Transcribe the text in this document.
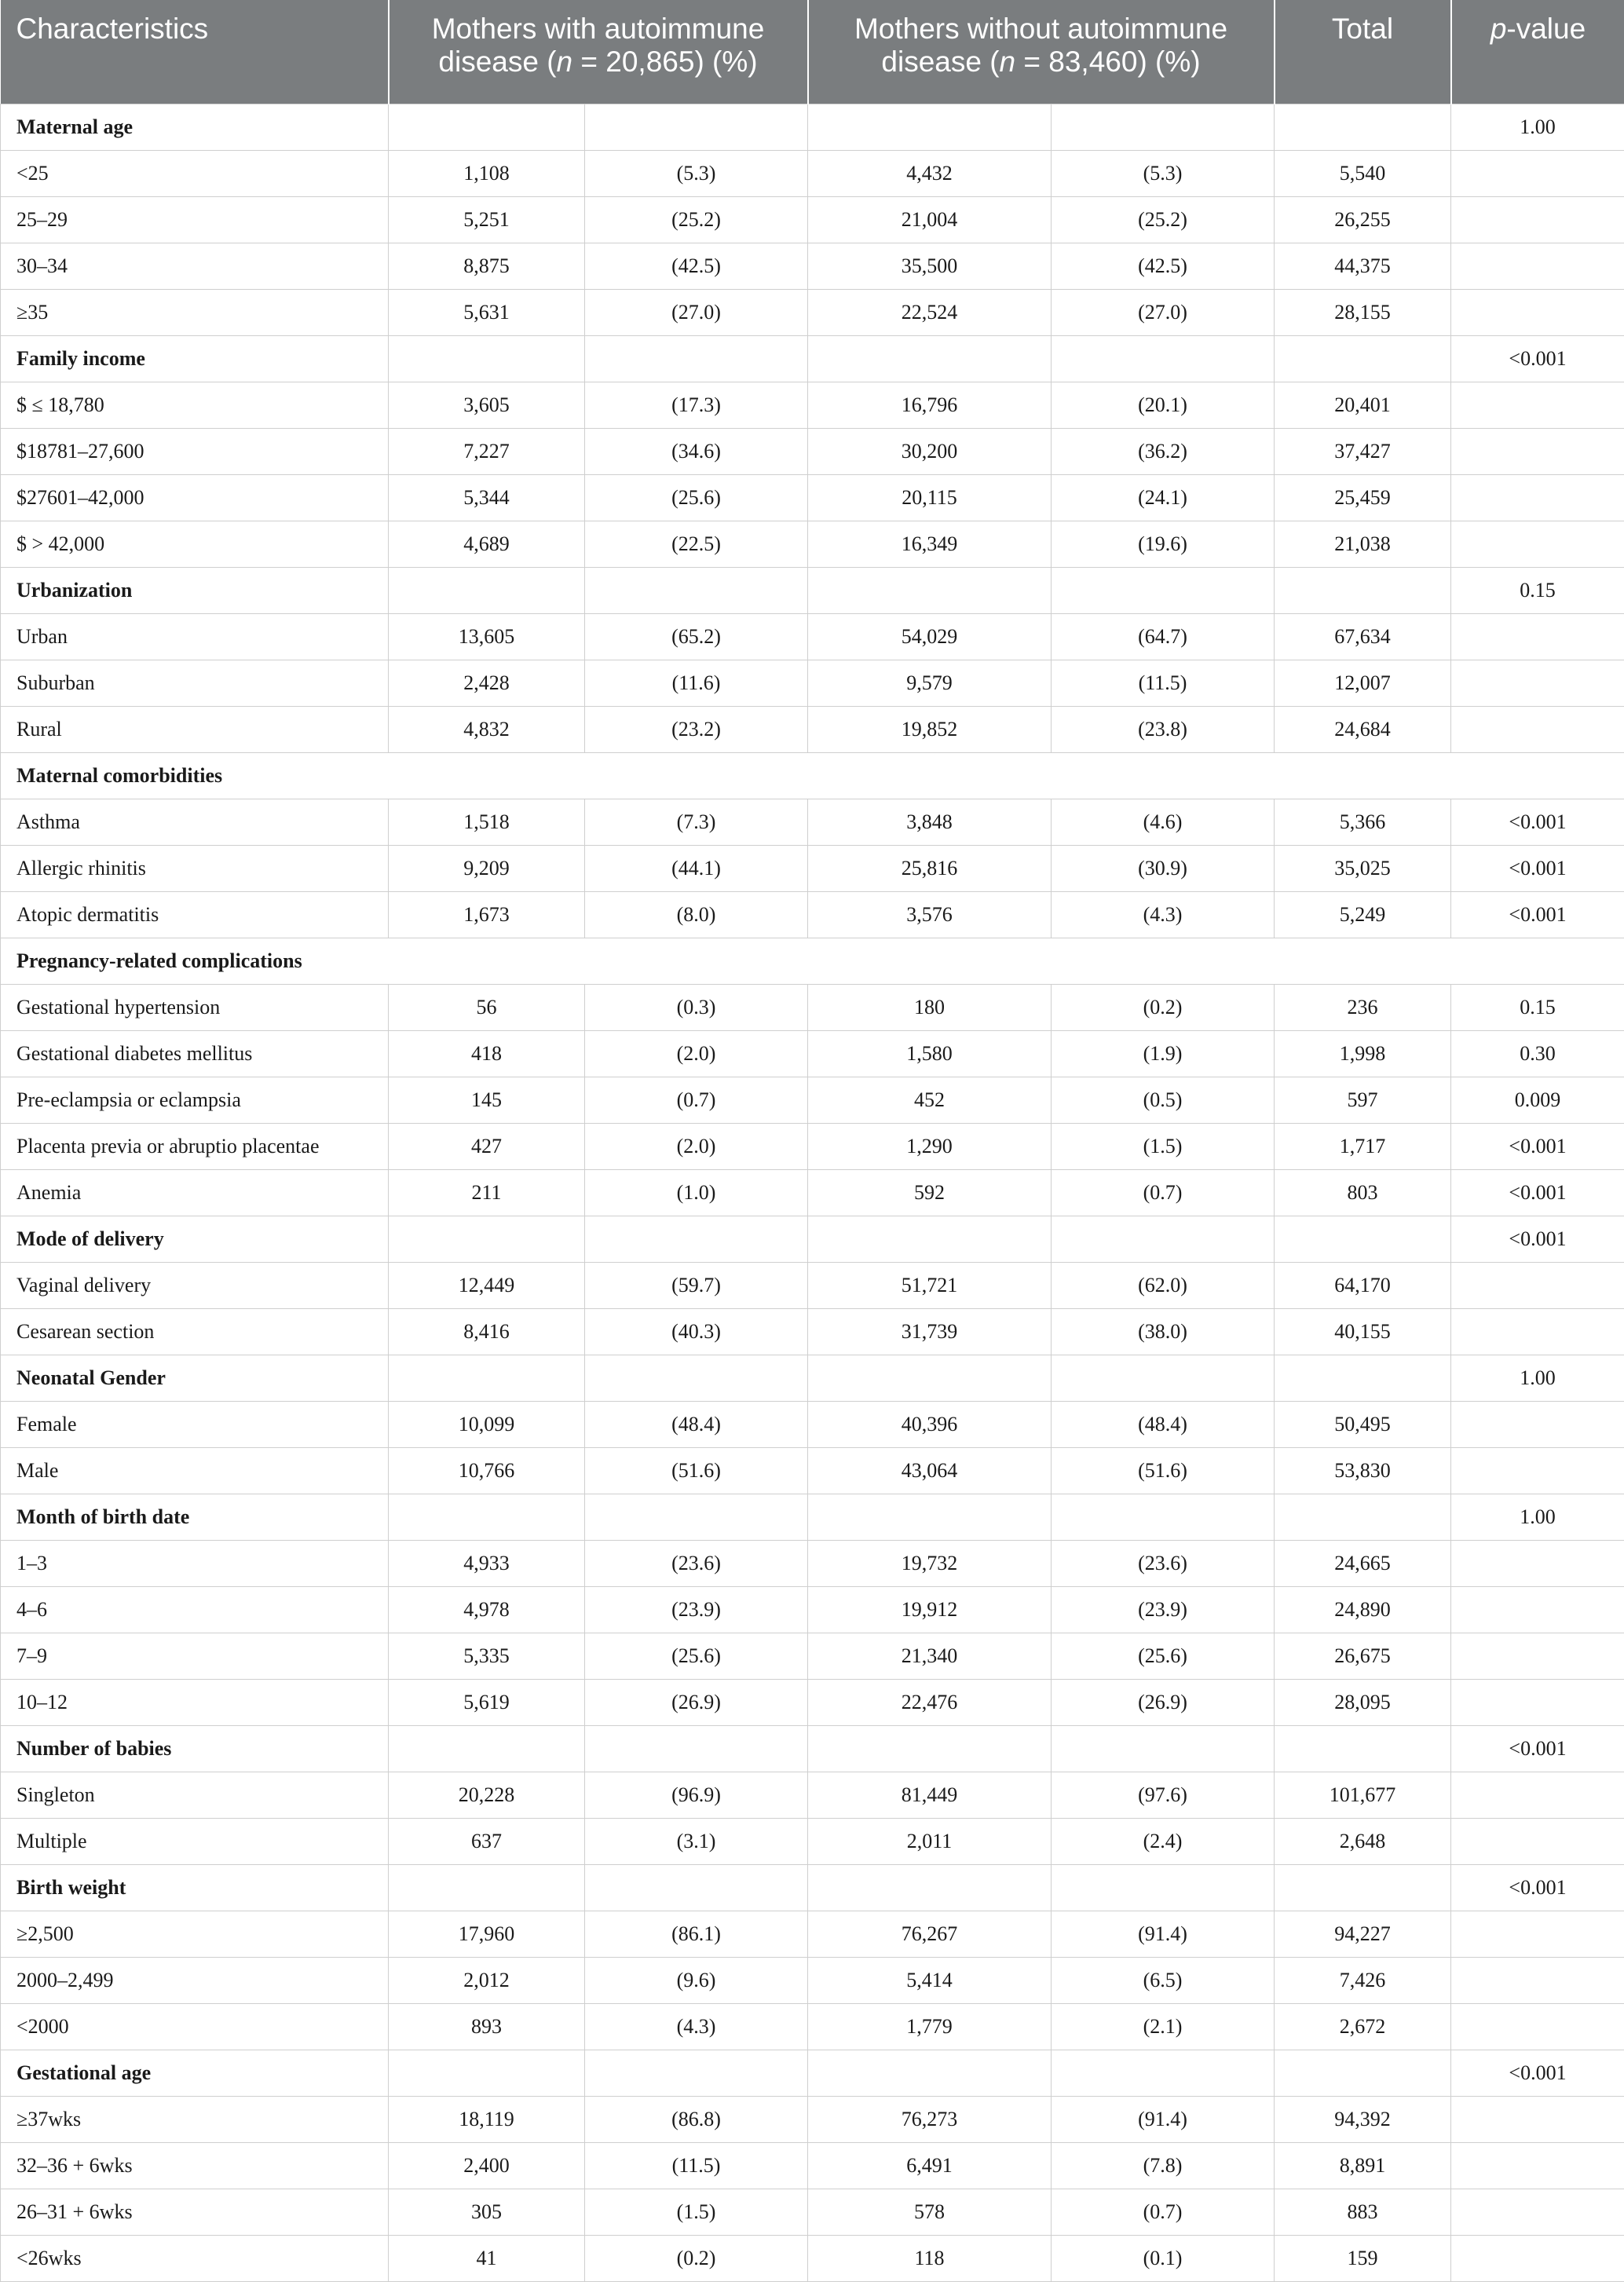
Characteristics	Mothers with autoimmune
disease (n = 20,865) (%)		Mothers without autoimmune
disease (n = 83,460) (%)		Total	p-value
Maternal age						1.00
<25	1,108	(5.3)	4,432	(5.3)	5,540	
25–29	5,251	(25.2)	21,004	(25.2)	26,255	
30–34	8,875	(42.5)	35,500	(42.5)	44,375	
≥35	5,631	(27.0)	22,524	(27.0)	28,155	
Family income						<0.001
$ ≤ 18,780	3,605	(17.3)	16,796	(20.1)	20,401	
$18781–27,600	7,227	(34.6)	30,200	(36.2)	37,427	
$27601–42,000	5,344	(25.6)	20,115	(24.1)	25,459	
$ > 42,000	4,689	(22.5)	16,349	(19.6)	21,038	
Urbanization						0.15
Urban	13,605	(65.2)	54,029	(64.7)	67,634	
Suburban	2,428	(11.6)	9,579	(11.5)	12,007	
Rural	4,832	(23.2)	19,852	(23.8)	24,684	
Maternal comorbidities						
Asthma	1,518	(7.3)	3,848	(4.6)	5,366	<0.001
Allergic rhinitis	9,209	(44.1)	25,816	(30.9)	35,025	<0.001
Atopic dermatitis	1,673	(8.0)	3,576	(4.3)	5,249	<0.001
Pregnancy-related complications						
Gestational hypertension	56	(0.3)	180	(0.2)	236	0.15
Gestational diabetes mellitus	418	(2.0)	1,580	(1.9)	1,998	0.30
Pre-eclampsia or eclampsia	145	(0.7)	452	(0.5)	597	0.009
Placenta previa or abruptio placentae	427	(2.0)	1,290	(1.5)	1,717	<0.001
Anemia	211	(1.0)	592	(0.7)	803	<0.001
Mode of delivery						<0.001
Vaginal delivery	12,449	(59.7)	51,721	(62.0)	64,170	
Cesarean section	8,416	(40.3)	31,739	(38.0)	40,155	
Neonatal Gender						1.00
Female	10,099	(48.4)	40,396	(48.4)	50,495	
Male	10,766	(51.6)	43,064	(51.6)	53,830	
Month of birth date						1.00
1–3	4,933	(23.6)	19,732	(23.6)	24,665	
4–6	4,978	(23.9)	19,912	(23.9)	24,890	
7–9	5,335	(25.6)	21,340	(25.6)	26,675	
10–12	5,619	(26.9)	22,476	(26.9)	28,095	
Number of babies						<0.001
Singleton	20,228	(96.9)	81,449	(97.6)	101,677	
Multiple	637	(3.1)	2,011	(2.4)	2,648	
Birth weight						<0.001
≥2,500	17,960	(86.1)	76,267	(91.4)	94,227	
2000–2,499	2,012	(9.6)	5,414	(6.5)	7,426	
<2000	893	(4.3)	1,779	(2.1)	2,672	
Gestational age						<0.001
≥37wks	18,119	(86.8)	76,273	(91.4)	94,392	
32–36 + 6wks	2,400	(11.5)	6,491	(7.8)	8,891	
26–31 + 6wks	305	(1.5)	578	(0.7)	883	
<26wks	41	(0.2)	118	(0.1)	159	
